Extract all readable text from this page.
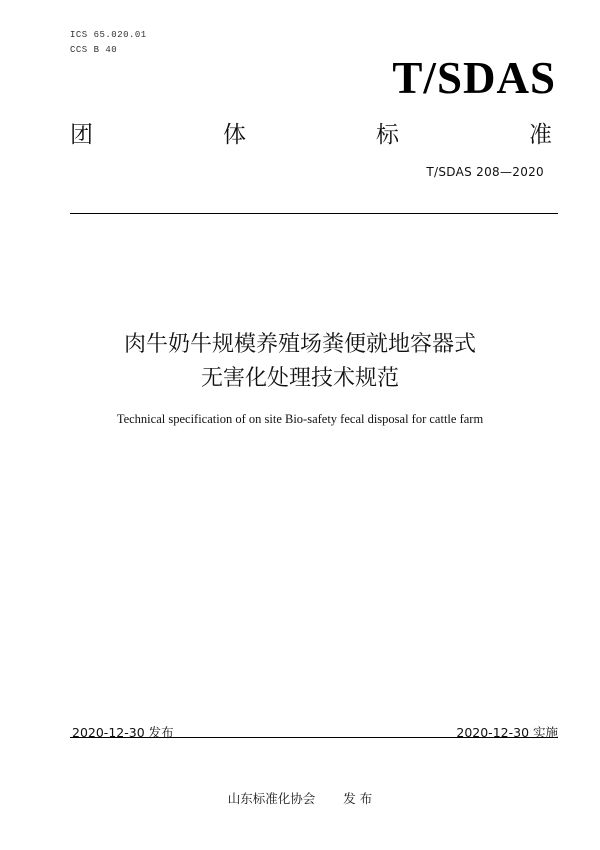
ICS 65.020.01
CCS B 40
T/SDAS
团	体	标	准
T/SDAS 208—2020
肉牛奶牛规模养殖场粪便就地容器式
无害化处理技术规范
Technical specification of on site Bio-safety fecal disposal for cattle farm
2020-12-30 发布	2020-12-30 实施
山东标准化协会 发 布
